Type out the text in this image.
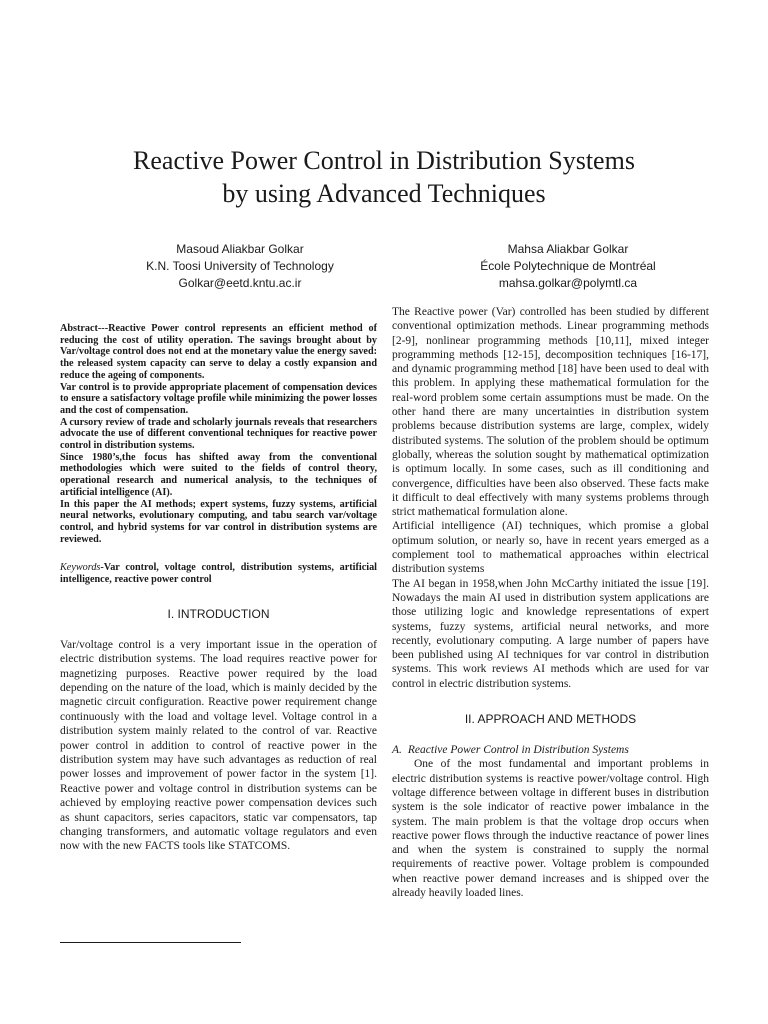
Reactive Power Control in Distribution Systems
by using Advanced Techniques
Masoud Aliakbar Golkar
K.N. Toosi University of Technology
Golkar@eetd.kntu.ac.ir
Mahsa Aliakbar Golkar
École Polytechnique de Montréal
mahsa.golkar@polymtl.ca

Abstract---Reactive Power control represents an efficient method of reducing the cost of utility operation. The savings brought about by Var/voltage control does not end at the monetary value the energy saved: the released system capacity can serve to delay a costly expansion and reduce the ageing of components.

Var control is to provide appropriate placement of compensation devices to ensure a satisfactory voltage profile while minimizing the power losses and the cost of compensation.

A cursory review of trade and scholarly journals reveals that researchers advocate the use of different conventional techniques for reactive power control in distribution systems.

Since 1980’s,the focus has shifted away from the conventional methodologies which were suited to the fields of control theory, operational research and numerical analysis, to the techniques of artificial intelligence (AI).

In this paper the AI methods; expert systems, fuzzy systems, artificial neural networks, evolutionary computing, and tabu search var/voltage control, and hybrid systems for var control in distribution systems are reviewed.

Keywords-Var control, voltage control, distribution systems, artificial intelligence, reactive power control

I. INTRODUCTION

Var/voltage control is a very important issue in the operation of electric distribution systems. The load requires reactive power for magnetizing purposes. Reactive power required by the load depending on the nature of the load, which is mainly decided by the magnetic circuit configuration. Reactive power requirement change continuously with the load and voltage level. Voltage control in a distribution system mainly related to the control of var. Reactive power control in addition to control of reactive power in the distribution system may have such advantages as reduction of real power losses and improvement of power factor in the system [1]. Reactive power and voltage control in distribution systems can be achieved by employing reactive power compensation devices such as shunt capacitors, series capacitors, static var compensators, tap changing transformers, and automatic voltage regulators and even now with the new FACTS tools like STATCOMS.

The Reactive power (Var) controlled has been studied by different conventional optimization methods. Linear programming methods [2-9], nonlinear programming methods [10,11], mixed integer programming methods [12-15], decomposition techniques [16-17], and dynamic programming method [18] have been used to deal with this problem. In applying these mathematical formulation for the real-word problem some certain assumptions must be made. On the other hand there are many uncertainties in distribution system problems because distribution systems are large, complex, widely distributed systems. The solution of the problem should be optimum globally, whereas the solution sought by mathematical optimization is optimum locally. In some cases, such as ill conditioning and convergence, difficulties have been also observed. These facts make it difficult to deal effectively with many systems problems through strict mathematical formulation alone.

Artificial intelligence (AI) techniques, which promise a global optimum solution, or nearly so, have in recent years emerged as a complement tool to mathematical approaches within electrical distribution systems

The AI began in 1958,when John McCarthy initiated the issue [19]. Nowadays the main AI used in distribution system applications are those utilizing logic and knowledge representations of expert systems, fuzzy systems, artificial neural networks, and more recently, evolutionary computing. A large number of papers have been published using AI techniques for var control in distribution systems. This work reviews AI methods which are used for var control in electric distribution systems.

II. APPROACH AND METHODS

A. Reactive Power Control in Distribution Systems

One of the most fundamental and important problems in electric distribution systems is reactive power/voltage control. High voltage difference between voltage in different buses in distribution system is the sole indicator of reactive power imbalance in the system. The main problem is that the voltage drop occurs when reactive power flows through the inductive reactance of power lines and when the system is constrained to supply the normal requirements of reactive power. Voltage problem is compounded when reactive power demand increases and is shipped over the already heavily loaded lines.
